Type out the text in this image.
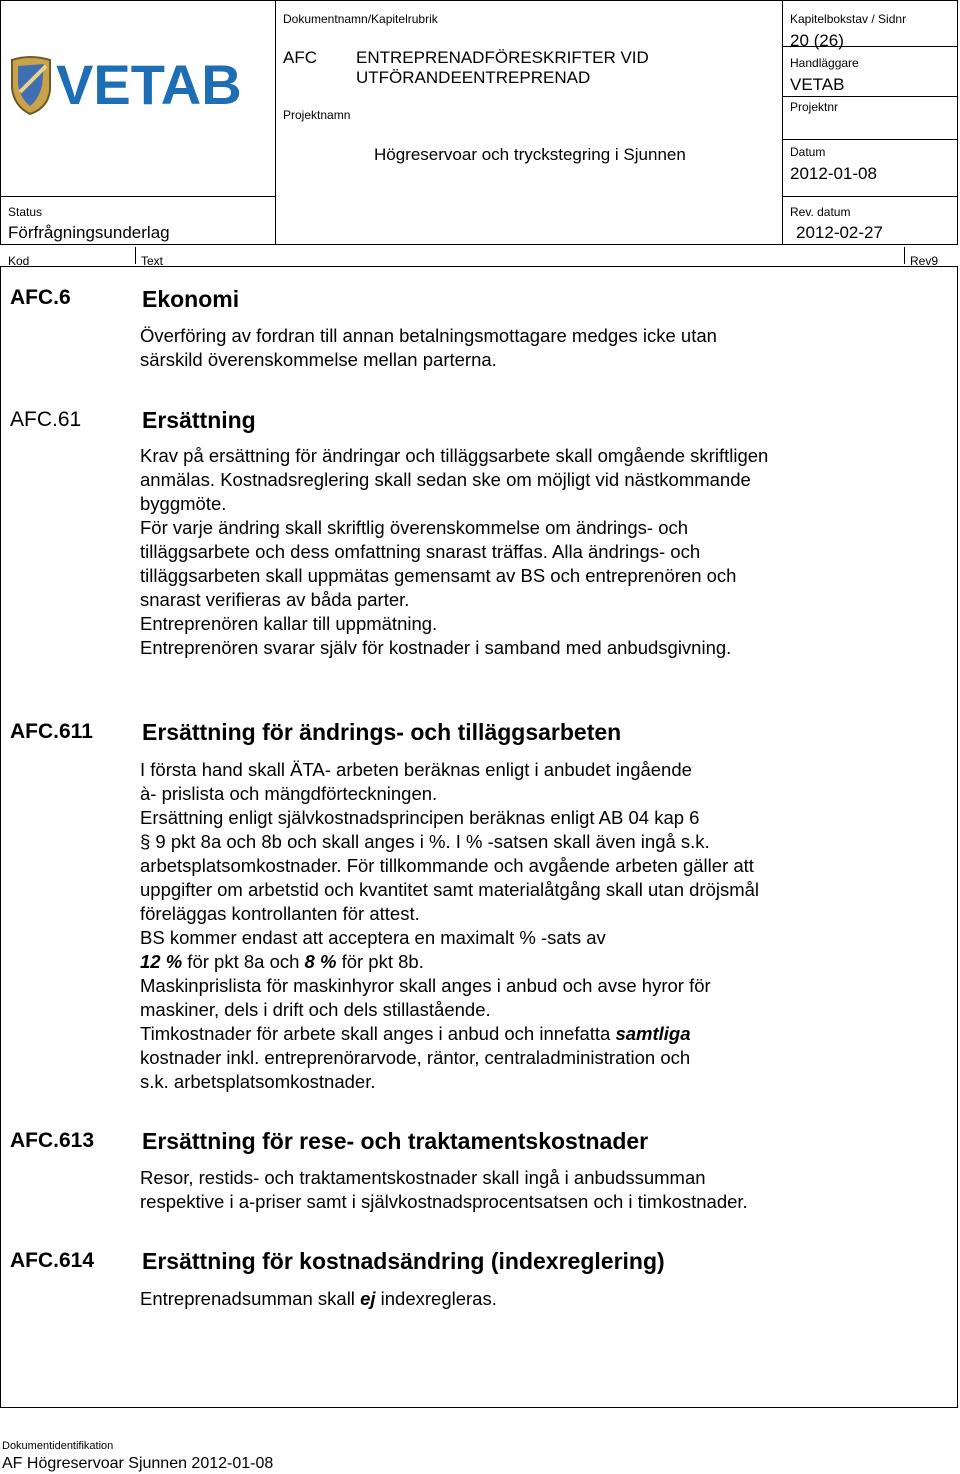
VETAB
Dokumentnamn/Kapitelrubrik
AFC ENTREPRENADFÖRESKRIFTER VID
UTFÖRANDEENTREPRENAD
Projektnamn
Högreservoar och tryckstegring i Sjunnen
Kapitelbokstav / Sidnr
20 (26)
Handläggare
VETAB
Projektnr
Datum
2012-01-08
Rev. datum
2012-02-27
Status
Förfrågningsunderlag
Kod	Text	Rev9
AFC.6	Ekonomi
Överföring av fordran till annan betalningsmottagare medges icke utan
särskild överenskommelse mellan parterna.
AFC.61	Ersättning
Krav på ersättning för ändringar och tilläggsarbete skall omgående skriftligen
anmälas. Kostnadsreglering skall sedan ske om möjligt vid nästkommande
byggmöte.
För varje ändring skall skriftlig överenskommelse om ändrings- och
tilläggsarbete och dess omfattning snarast träffas. Alla ändrings- och
tilläggsarbeten skall uppmätas gemensamt av BS och entreprenören och
snarast verifieras av båda parter.
Entreprenören kallar till uppmätning.
Entreprenören svarar själv för kostnader i samband med anbudsgivning.
AFC.611 Ersättning för ändrings- och tilläggsarbeten
I första hand skall ÄTA- arbeten beräknas enligt i anbudet ingående
à- prislista och mängdförteckningen.
Ersättning enligt självkostnadsprincipen beräknas enligt AB 04 kap 6
§ 9 pkt 8a och 8b och skall anges i %. I % -satsen skall även ingå s.k.
arbetsplatsomkostnader. För tillkommande och avgående arbeten gäller att
uppgifter om arbetstid och kvantitet samt materialåtgång skall utan dröjsmål
föreläggas kontrollanten för attest.
BS kommer endast att acceptera en maximalt % -sats av
12 % för pkt 8a och 8 % för pkt 8b.
Maskinprislista för maskinhyror skall anges i anbud och avse hyror för
maskiner, dels i drift och dels stillastående.
Timkostnader för arbete skall anges i anbud och innefatta samtliga
kostnader inkl. entreprenörarvode, räntor, centraladministration och
s.k. arbetsplatsomkostnader.
AFC.613 Ersättning för rese- och traktamentskostnader
Resor, restids- och traktamentskostnader skall ingå i anbudssumman
respektive i a-priser samt i självkostnadsprocentsatsen och i timkostnader.
AFC.614 Ersättning för kostnadsändring (indexreglering)
Entreprenadsumman skall ej indexregleras.
Dokumentidentifikation
AF Högreservoar Sjunnen 2012-01-08
